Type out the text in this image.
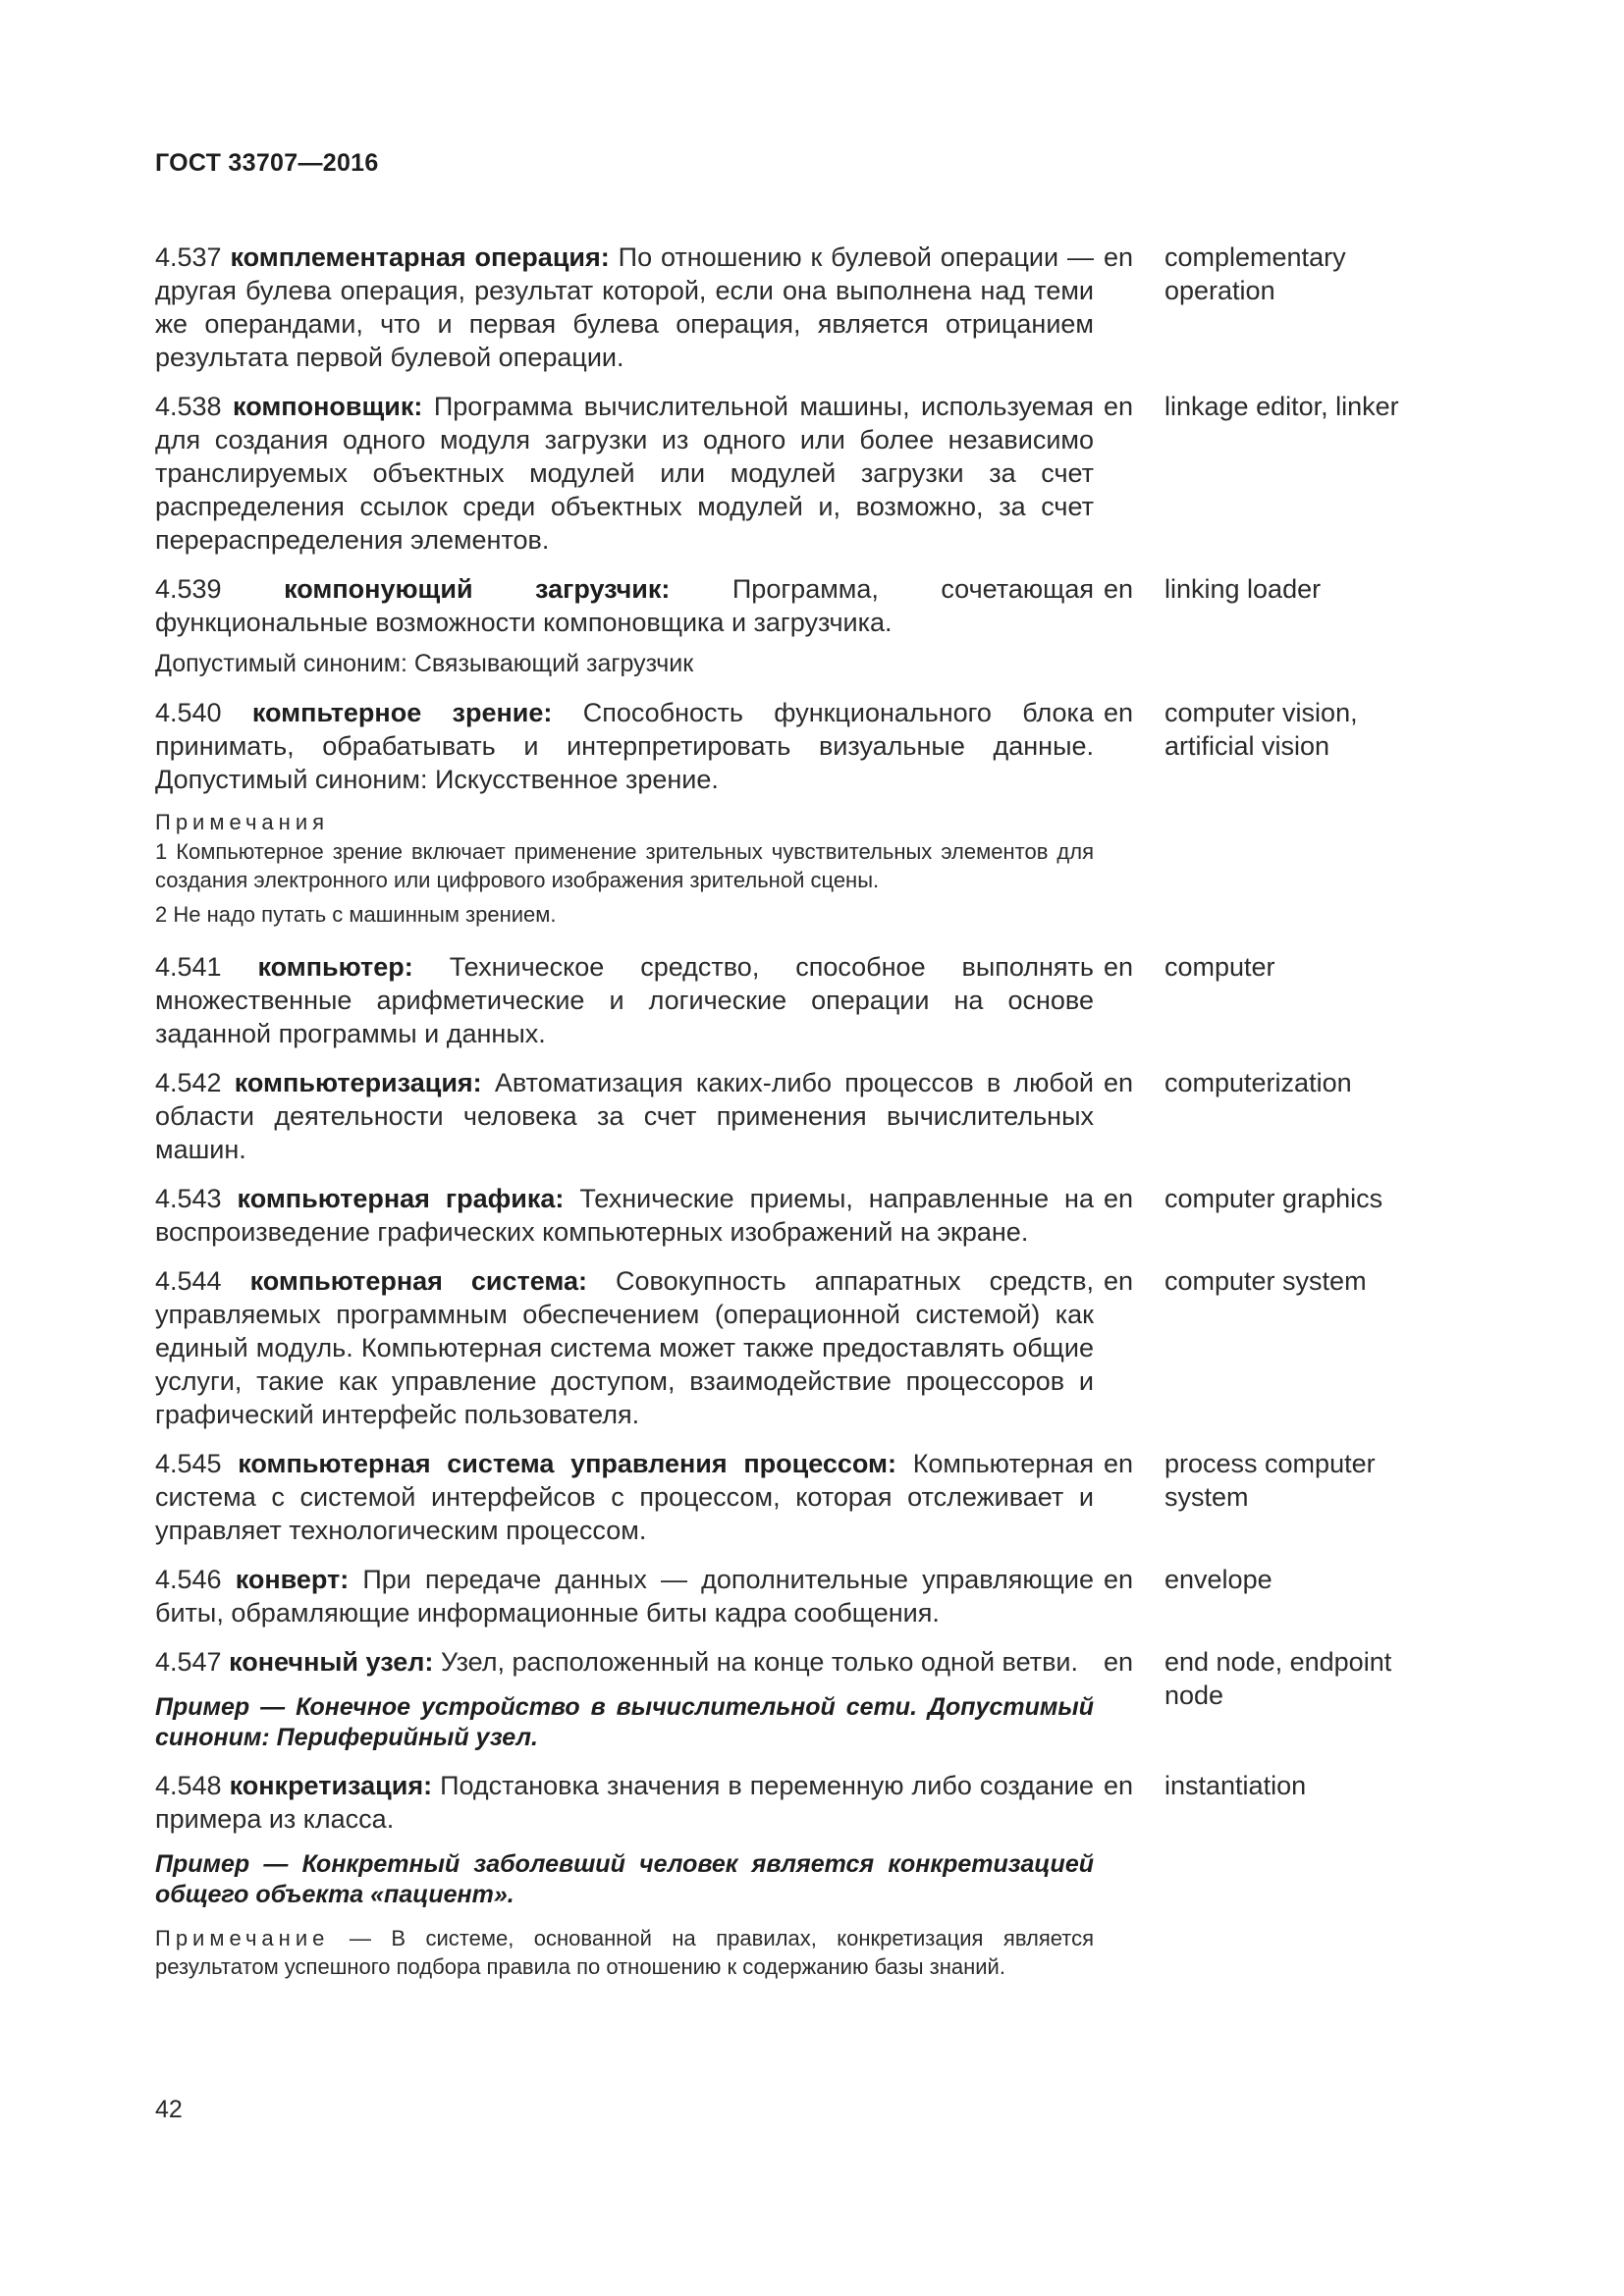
ГОСТ 33707—2016

4.537 комплементарная операция: По отношению к булевой операции — другая булева операция, результат которой, если она выполнена над теми же операндами, что и первая булева операция, является отрицанием результата первой булевой операции.

en complementary operation

4.538 компоновщик: Программа вычислительной машины, используемая для создания одного модуля загрузки из одного или более независимо транслируемых объектных модулей или модулей загрузки за счет распределения ссылок среди объектных модулей и, возможно, за счет перераспределения элементов.

en linkage editor, linker

4.539 компонующий загрузчик: Программа, сочетающая функциональные возможности компоновщика и загрузчика.

Допустимый синоним: Связывающий загрузчик

en linking loader

4.540 компьтерное зрение: Способность функционального блока принимать, обрабатывать и интерпретировать визуальные данные. Допустимый синоним: Искусственное зрение.

Примечания

1 Компьютерное зрение включает применение зрительных чувствительных элементов для создания электронного или цифрового изображения зрительной сцены.

2 Не надо путать с машинным зрением.

en computer vision, artificial vision

4.541 компьютер: Техническое средство, способное выполнять множественные арифметические и логические операции на основе заданной программы и данных.

en computer

4.542 компьютеризация: Автоматизация каких-либо процессов в любой области деятельности человека за счет применения вычислительных машин.

en computerization

4.543 компьютерная графика: Технические приемы, направленные на воспроизведение графических компьютерных изображений на экране.

en computer graphics

4.544 компьютерная система: Совокупность аппаратных средств, управляемых программным обеспечением (операционной системой) как единый модуль. Компьютерная система может также предоставлять общие услуги, такие как управление доступом, взаимодействие процессоров и графический интерфейс пользователя.

en computer system

4.545 компьютерная система управления процессом: Компьютерная система с системой интерфейсов с процессом, которая отслеживает и управляет технологическим процессом.

en process computer system

4.546 конверт: При передаче данных — дополнительные управляющие биты, обрамляющие информационные биты кадра сообщения.

en envelope

4.547 конечный узел: Узел, расположенный на конце только одной ветви.

Пример — Конечное устройство в вычислительной сети. Допустимый синоним: Периферийный узел.

en end node, endpoint node

4.548 конкретизация: Подстановка значения в переменную либо создание примера из класса.

Пример — Конкретный заболевший человек является конкретизацией общего объекта «пациент».

Примечание — В системе, основанной на правилах, конкретизация является результатом успешного подбора правила по отношению к содержанию базы знаний.

en instantiation
42
